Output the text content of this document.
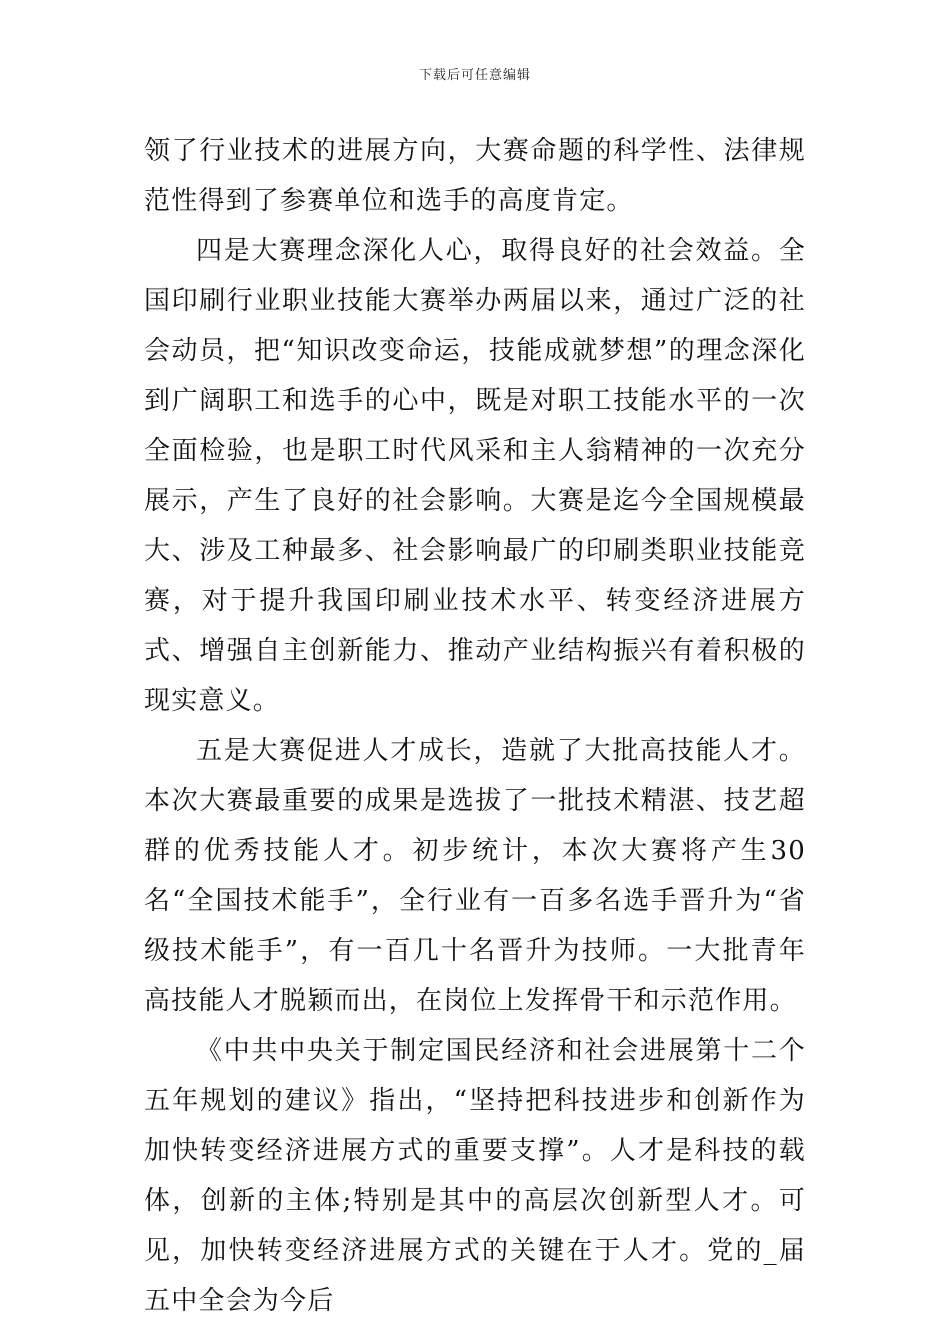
下载后可任意编辑

领了行业技术的进展方向，大赛命题的科学性、法律规范性得到了参赛单位和选手的高度肯定。

四是大赛理念深化人心，取得良好的社会效益。全国印刷行业职业技能大赛举办两届以来，通过广泛的社会动员，把“知识改变命运，技能成就梦想”的理念深化到广阔职工和选手的心中，既是对职工技能水平的一次全面检验，也是职工时代风采和主人翁精神的一次充分展示，产生了良好的社会影响。大赛是迄今全国规模最大、涉及工种最多、社会影响最广的印刷类职业技能竞赛，对于提升我国印刷业技术水平、转变经济进展方式、增强自主创新能力、推动产业结构振兴有着积极的现实意义。

五是大赛促进人才成长，造就了大批高技能人才。本次大赛最重要的成果是选拔了一批技术精湛、技艺超群的优秀技能人才。初步统计，本次大赛将产生30名“全国技术能手”，全行业有一百多名选手晋升为“省级技术能手”，有一百几十名晋升为技师。一大批青年高技能人才脱颖而出，在岗位上发挥骨干和示范作用。

《中共中央关于制定国民经济和社会进展第十二个五年规划的建议》指出，“坚持把科技进步和创新作为加快转变经济进展方式的重要支撑”。人才是科技的载体，创新的主体;特别是其中的高层次创新型人才。可见，加快转变经济进展方式的关键在于人才。党的_届五中全会为今后
